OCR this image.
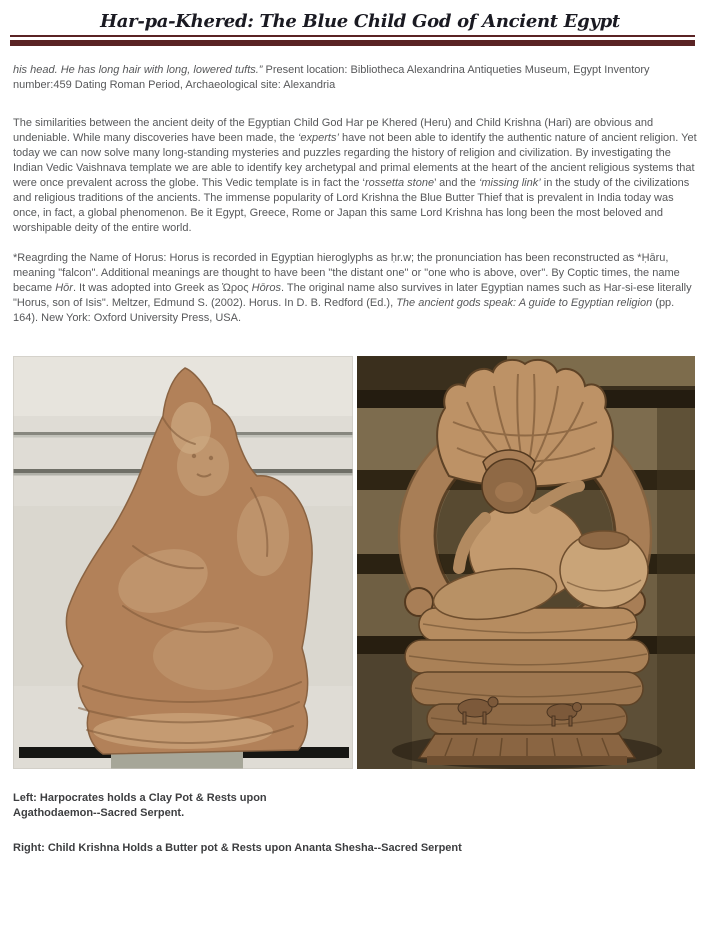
Har-pa-Khered: The Blue Child God of Ancient Egypt

his head. He has long hair with long, lowered tufts.” Present location: Bibliotheca Alexandrina Antiqueties Museum, Egypt Inventory number:459 Dating Roman Period, Archaeological site: Alexandria

The similarities between the ancient deity of the Egyptian Child God Har pe Khered (Heru) and Child Krishna (Hari) are obvious and undeniable. While many discoveries have been made, the ‘experts’ have not been able to identify the authentic nature of ancient religion. Yet today we can now solve many long-standing mysteries and puzzles regarding the history of religion and civilization. By investigating the Indian Vedic Vaishnava template we are able to identify key archetypal and primal elements at the heart of the ancient religious systems that were once prevalent across the globe. This Vedic template is in fact the ‘rossetta stone’ and the ‘missing link’ in the study of the civilizations and religious traditions of the ancients. The immense popularity of Lord Krishna the Blue Butter Thief that is prevalent in India today was once, in fact, a global phenomenon. Be it Egypt, Greece, Rome or Japan this same Lord Krishna has long been the most beloved and worshipable deity of the entire world.

*Reagrding the Name of Horus: Horus is recorded in Egyptian hieroglyphs as ḥr.w; the pronunciation has been reconstructed as *Ḥāru, meaning "falcon". Additional meanings are thought to have been "the distant one" or "one who is above, over". By Coptic times, the name became Hōr. It was adopted into Greek as Ὡρος Hōros. The original name also survives in later Egyptian names such as Har-si-ese literally "Horus, son of Isis". Meltzer, Edmund S. (2002). Horus. In D. B. Redford (Ed.), The ancient gods speak: A guide to Egyptian religion (pp. 164). New York: Oxford University Press, USA.

Left: Harpocrates holds a Clay Pot & Rests upon
Agathodaemon--Sacred Serpent.
Right: Child Krishna Holds a Butter pot & Rests upon Ananta Shesha--Sacred Serpent
